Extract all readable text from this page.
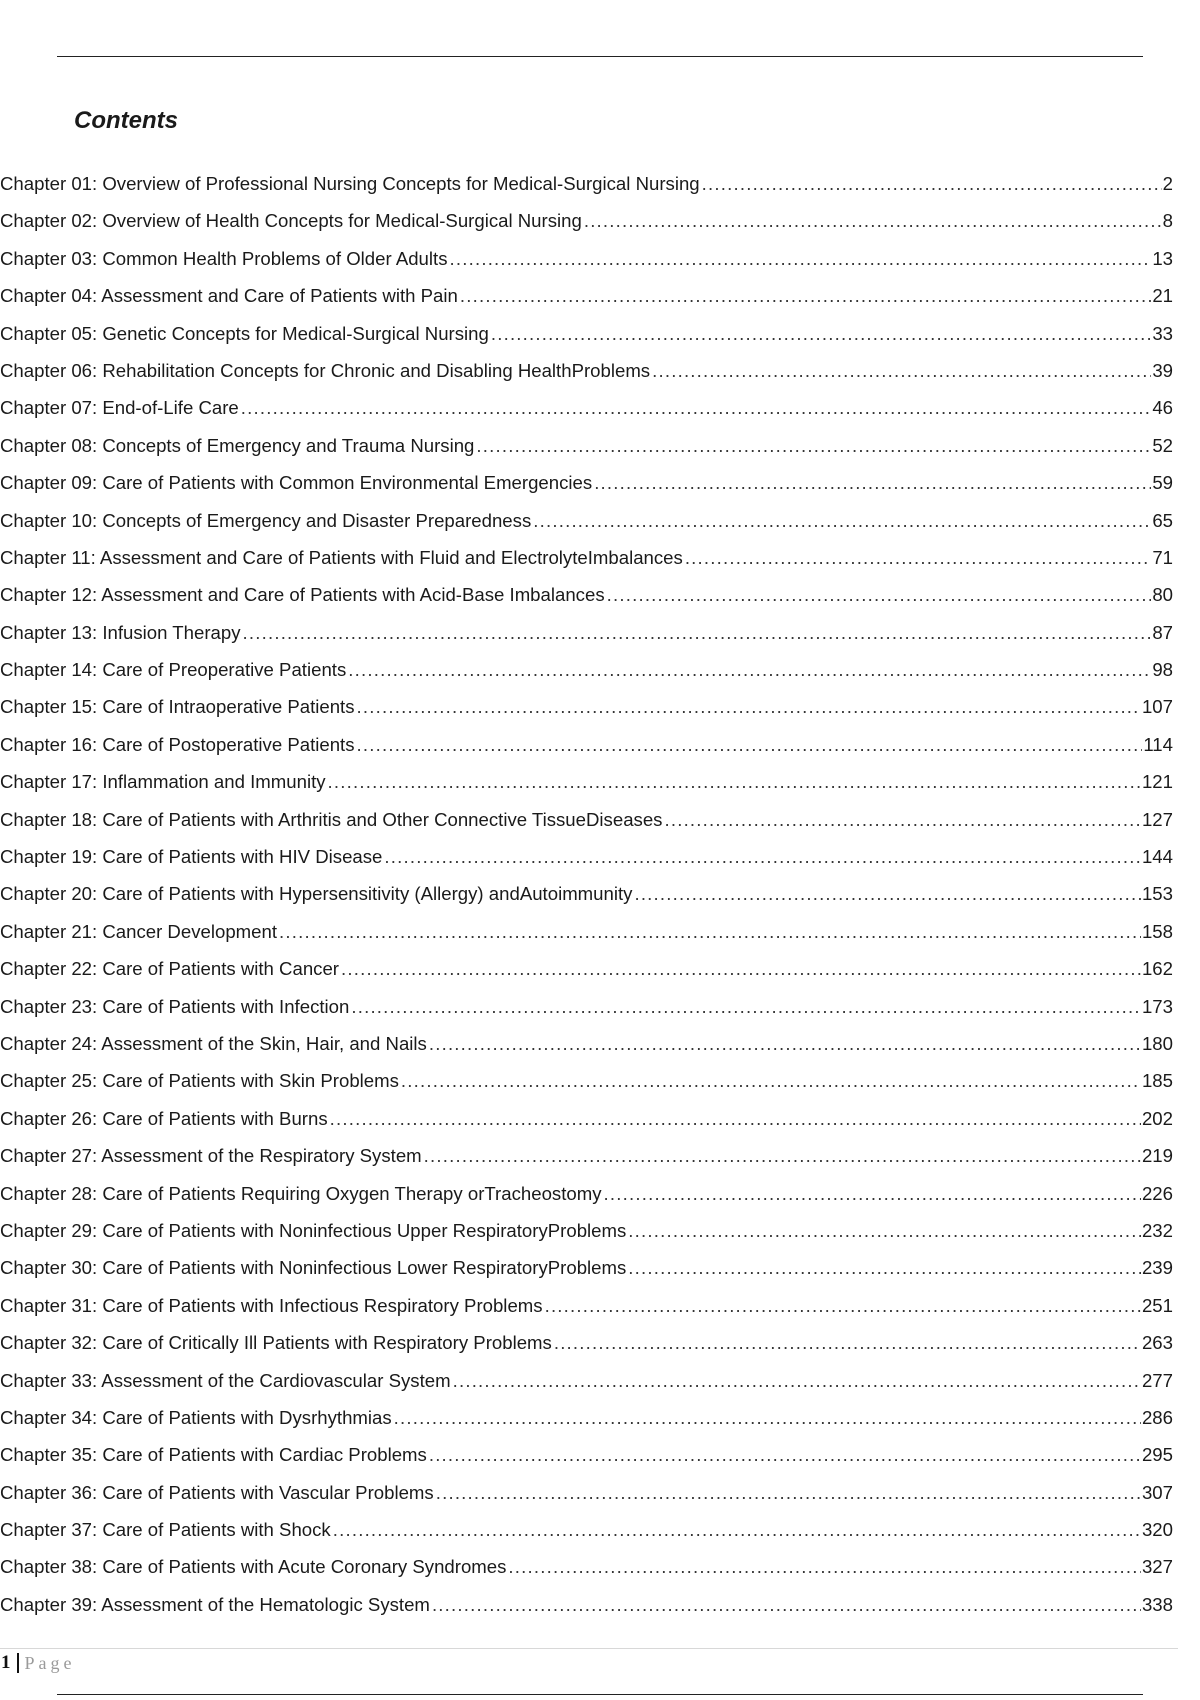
Contents
Chapter 01: Overview of Professional Nursing Concepts for Medical-Surgical Nursing .....	2
Chapter 02: Overview of Health Concepts for Medical-Surgical Nursing .....	8
Chapter 03: Common Health Problems of Older Adults .....	13
Chapter 04: Assessment and Care of Patients with Pain .....	21
Chapter 05: Genetic Concepts for Medical-Surgical Nursing .....	33
Chapter 06: Rehabilitation Concepts for Chronic and Disabling HealthProblems .....	39
Chapter 07: End-of-Life Care .....	46
Chapter 08: Concepts of Emergency and Trauma Nursing .....	52
Chapter 09: Care of Patients with Common Environmental Emergencies .....	59
Chapter 10: Concepts of Emergency and Disaster Preparedness .....	65
Chapter 11: Assessment and Care of Patients with Fluid and ElectrolyteImbalances .....	71
Chapter 12: Assessment and Care of Patients with Acid-Base Imbalances .....	80
Chapter 13: Infusion Therapy .....	87
Chapter 14: Care of Preoperative Patients .....	98
Chapter 15: Care of Intraoperative Patients .....	107
Chapter 16: Care of Postoperative Patients .....	114
Chapter 17: Inflammation and Immunity .....	121
Chapter 18: Care of Patients with Arthritis and Other Connective TissueDiseases .....	127
Chapter 19: Care of Patients with HIV Disease .....	144
Chapter 20: Care of Patients with Hypersensitivity (Allergy) andAutoimmunity .....	153
Chapter 21: Cancer Development .....	158
Chapter 22: Care of Patients with Cancer .....	162
Chapter 23: Care of Patients with Infection .....	173
Chapter 24: Assessment of the Skin, Hair, and Nails .....	180
Chapter 25: Care of Patients with Skin Problems .....	185
Chapter 26: Care of Patients with Burns .....	202
Chapter 27: Assessment of the Respiratory System .....	219
Chapter 28: Care of Patients Requiring Oxygen Therapy orTracheostomy .....	226
Chapter 29: Care of Patients with Noninfectious Upper RespiratoryProblems .....	232
Chapter 30: Care of Patients with Noninfectious Lower RespiratoryProblems .....	239
Chapter 31: Care of Patients with Infectious Respiratory Problems .....	251
Chapter 32: Care of Critically Ill Patients with Respiratory Problems .....	263
Chapter 33: Assessment of the Cardiovascular System .....	277
Chapter 34: Care of Patients with Dysrhythmias .....	286
Chapter 35: Care of Patients with Cardiac Problems .....	295
Chapter 36: Care of Patients with Vascular Problems .....	307
Chapter 37: Care of Patients with Shock .....	320
Chapter 38: Care of Patients with Acute Coronary Syndromes .....	327
Chapter 39: Assessment of the Hematologic System .....	338
1 Page
